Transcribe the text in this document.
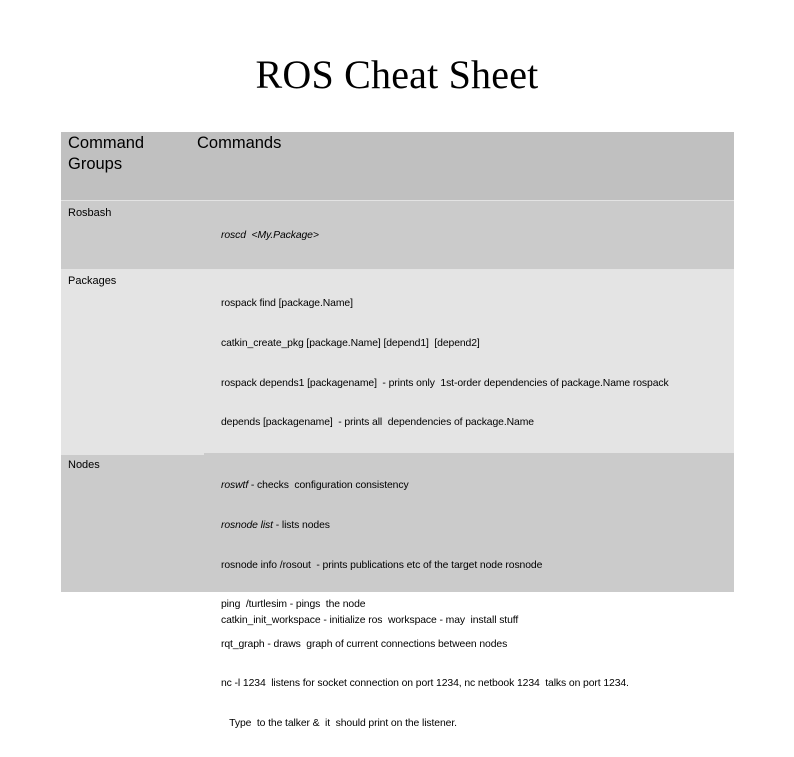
ROS Cheat Sheet
Command Groups
Commands
Rosbash

roscd  <My.Package>

Packages

rospack find [package.Name]

catkin_create_pkg [package.Name] [depend1]  [depend2]

rospack depends1 [packagename]  - prints only  1st-order dependencies of package.Name rospack

depends [packagename]  - prints all  dependencies of package.Name

catkin_init_workspace - initialize ros  workspace - may  install stuff

Nodes

roswtf - checks  configuration consistency

rosnode list - lists nodes

rosnode info /rosout  - prints publications etc of the target node rosnode

ping  /turtlesim - pings  the node

rqt_graph - draws  graph of current connections between nodes

nc -l 1234  listens for socket connection on port 1234, nc netbook 1234  talks on port 1234.

Type  to the talker &  it  should print on the listener.
